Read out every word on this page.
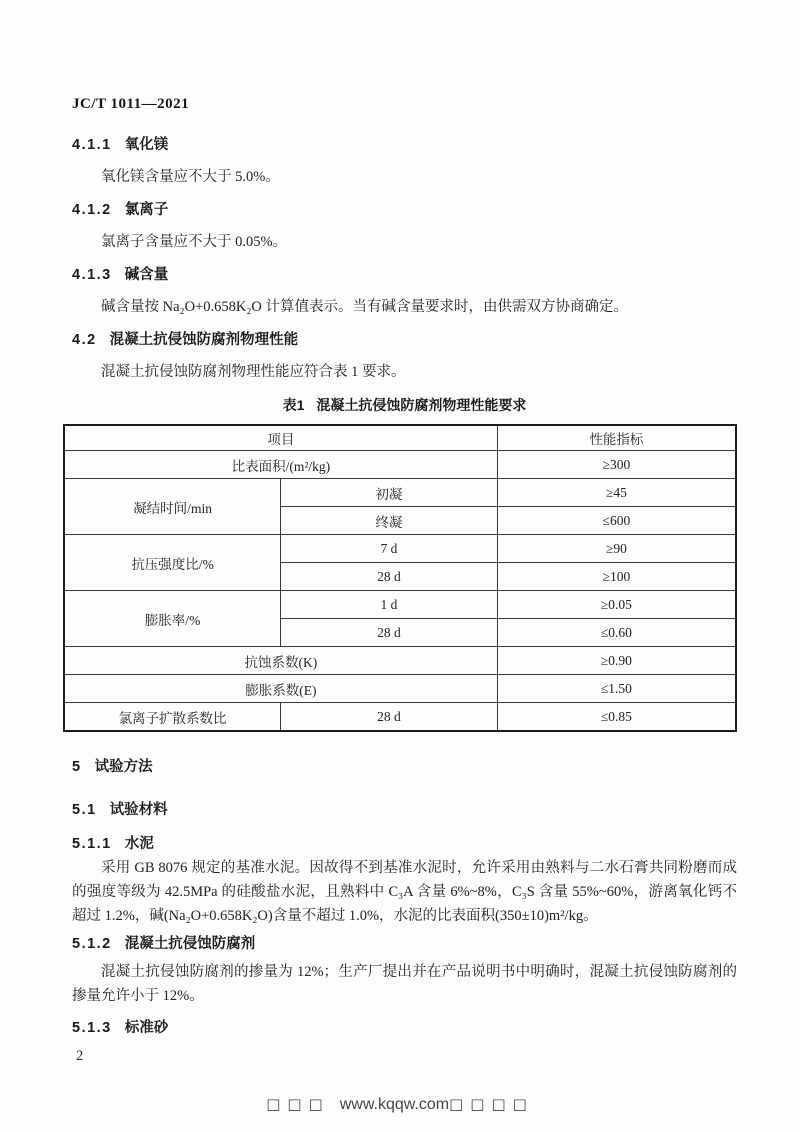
JC/T 1011—2021
4.1.1 氧化镁

氧化镁含量应不大于 5.0%。

4.1.2 氯离子

氯离子含量应不大于 0.05%。

4.1.3 碱含量

碱含量按 Na₂O+0.658K₂O 计算值表示。当有碱含量要求时，由供需双方协商确定。

4.2 混凝土抗侵蚀防腐剂物理性能

混凝土抗侵蚀防腐剂物理性能应符合表 1 要求。

表1 混凝土抗侵蚀防腐剂物理性能要求
项目		性能指标
比表面积/(m²/kg)		≥300
凝结时间/min	初凝	≥45
	终凝	≤600
抗压强度比/%	7 d	≥90
	28 d	≥100
膨胀率/%	1 d	≥0.05
	28 d	≤0.60
抗蚀系数(K)		≥0.90
膨胀系数(E)		≤1.50
氯离子扩散系数比	28 d	≤0.85
5 试验方法
5.1 试验材料
5.1.1 水泥

采用 GB 8076 规定的基准水泥。因故得不到基准水泥时，允许采用由熟料与二水石膏共同粉磨而成的强度等级为 42.5MPa 的硅酸盐水泥，且熟料中 C₃A 含量 6%~8%，C₃S 含量 55%~60%，游离氧化钙不超过 1.2%，碱(Na₂O+0.658K₂O)含量不超过 1.0%，水泥的比表面积(350±10)m²/kg。

5.1.2 混凝土抗侵蚀防腐剂

混凝土抗侵蚀防腐剂的掺量为 12%；生产厂提出并在产品说明书中明确时，混凝土抗侵蚀防腐剂的掺量允许小于 12%。

5.1.3 标准砂
2
□□□ www.kqqw.com□□□□
